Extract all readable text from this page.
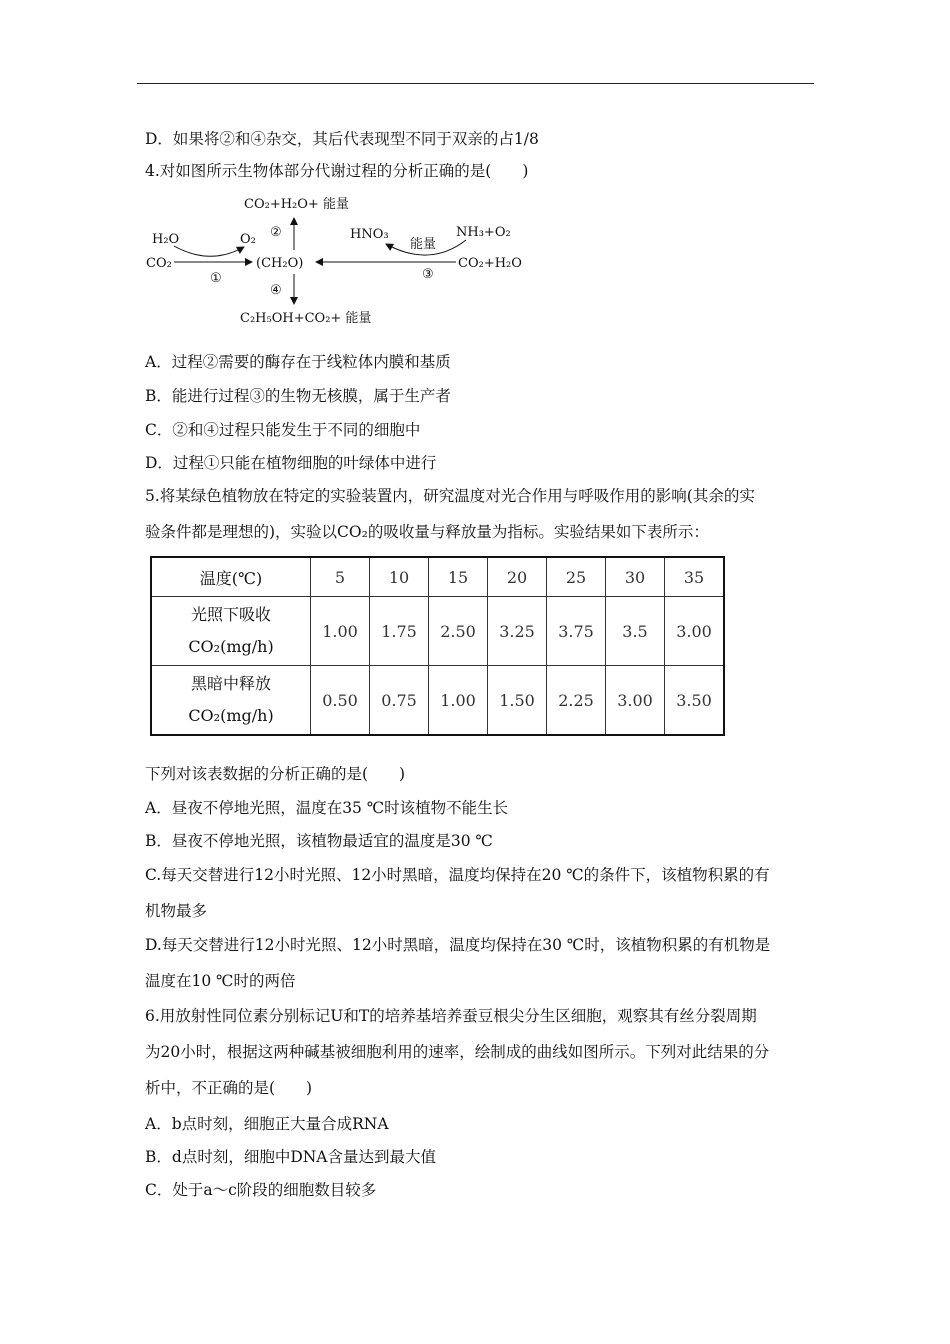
D．如果将②和④杂交，其后代表现型不同于双亲的占1/8
4.对如图所示生物体部分代谢过程的分析正确的是(　　)
CO₂+H₂O+ 能量
②
H₂O	O₂
CO₂
①
(CH₂O)
HNO₃
能量
NH₃+O₂
③
CO₂+H₂O
④
C₂H₅OH+CO₂+ 能量
A．过程②需要的酶存在于线粒体内膜和基质
B．能进行过程③的生物无核膜，属于生产者
C．②和④过程只能发生于不同的细胞中
D．过程①只能在植物细胞的叶绿体中进行
5.将某绿色植物放在特定的实验装置内，研究温度对光合作用与呼吸作用的影响(其余的实
验条件都是理想的)，实验以CO₂的吸收量与释放量为指标。实验结果如下表所示：
温度(℃)	5	10	15	20	25	30	35

光照下吸收
CO₂(mg/h)	1.00	1.75	2.50	3.25	3.75	3.5	3.00

黑暗中释放
CO₂(mg/h)	0.50	0.75	1.00	1.50	2.25	3.00	3.50
下列对该表数据的分析正确的是(　　)
A．昼夜不停地光照，温度在35 ℃时该植物不能生长
B．昼夜不停地光照，该植物最适宜的温度是30 ℃
C.每天交替进行12小时光照、12小时黑暗，温度均保持在20 ℃的条件下，该植物积累的有
机物最多
D.每天交替进行12小时光照、12小时黑暗，温度均保持在30 ℃时，该植物积累的有机物是
温度在10 ℃时的两倍
6.用放射性同位素分别标记U和T的培养基培养蚕豆根尖分生区细胞，观察其有丝分裂周期
为20小时，根据这两种碱基被细胞利用的速率，绘制成的曲线如图所示。下列对此结果的分
析中，不正确的是(　　)
A．b点时刻，细胞正大量合成RNA
B．d点时刻，细胞中DNA含量达到最大值
C．处于a～c阶段的细胞数目较多
